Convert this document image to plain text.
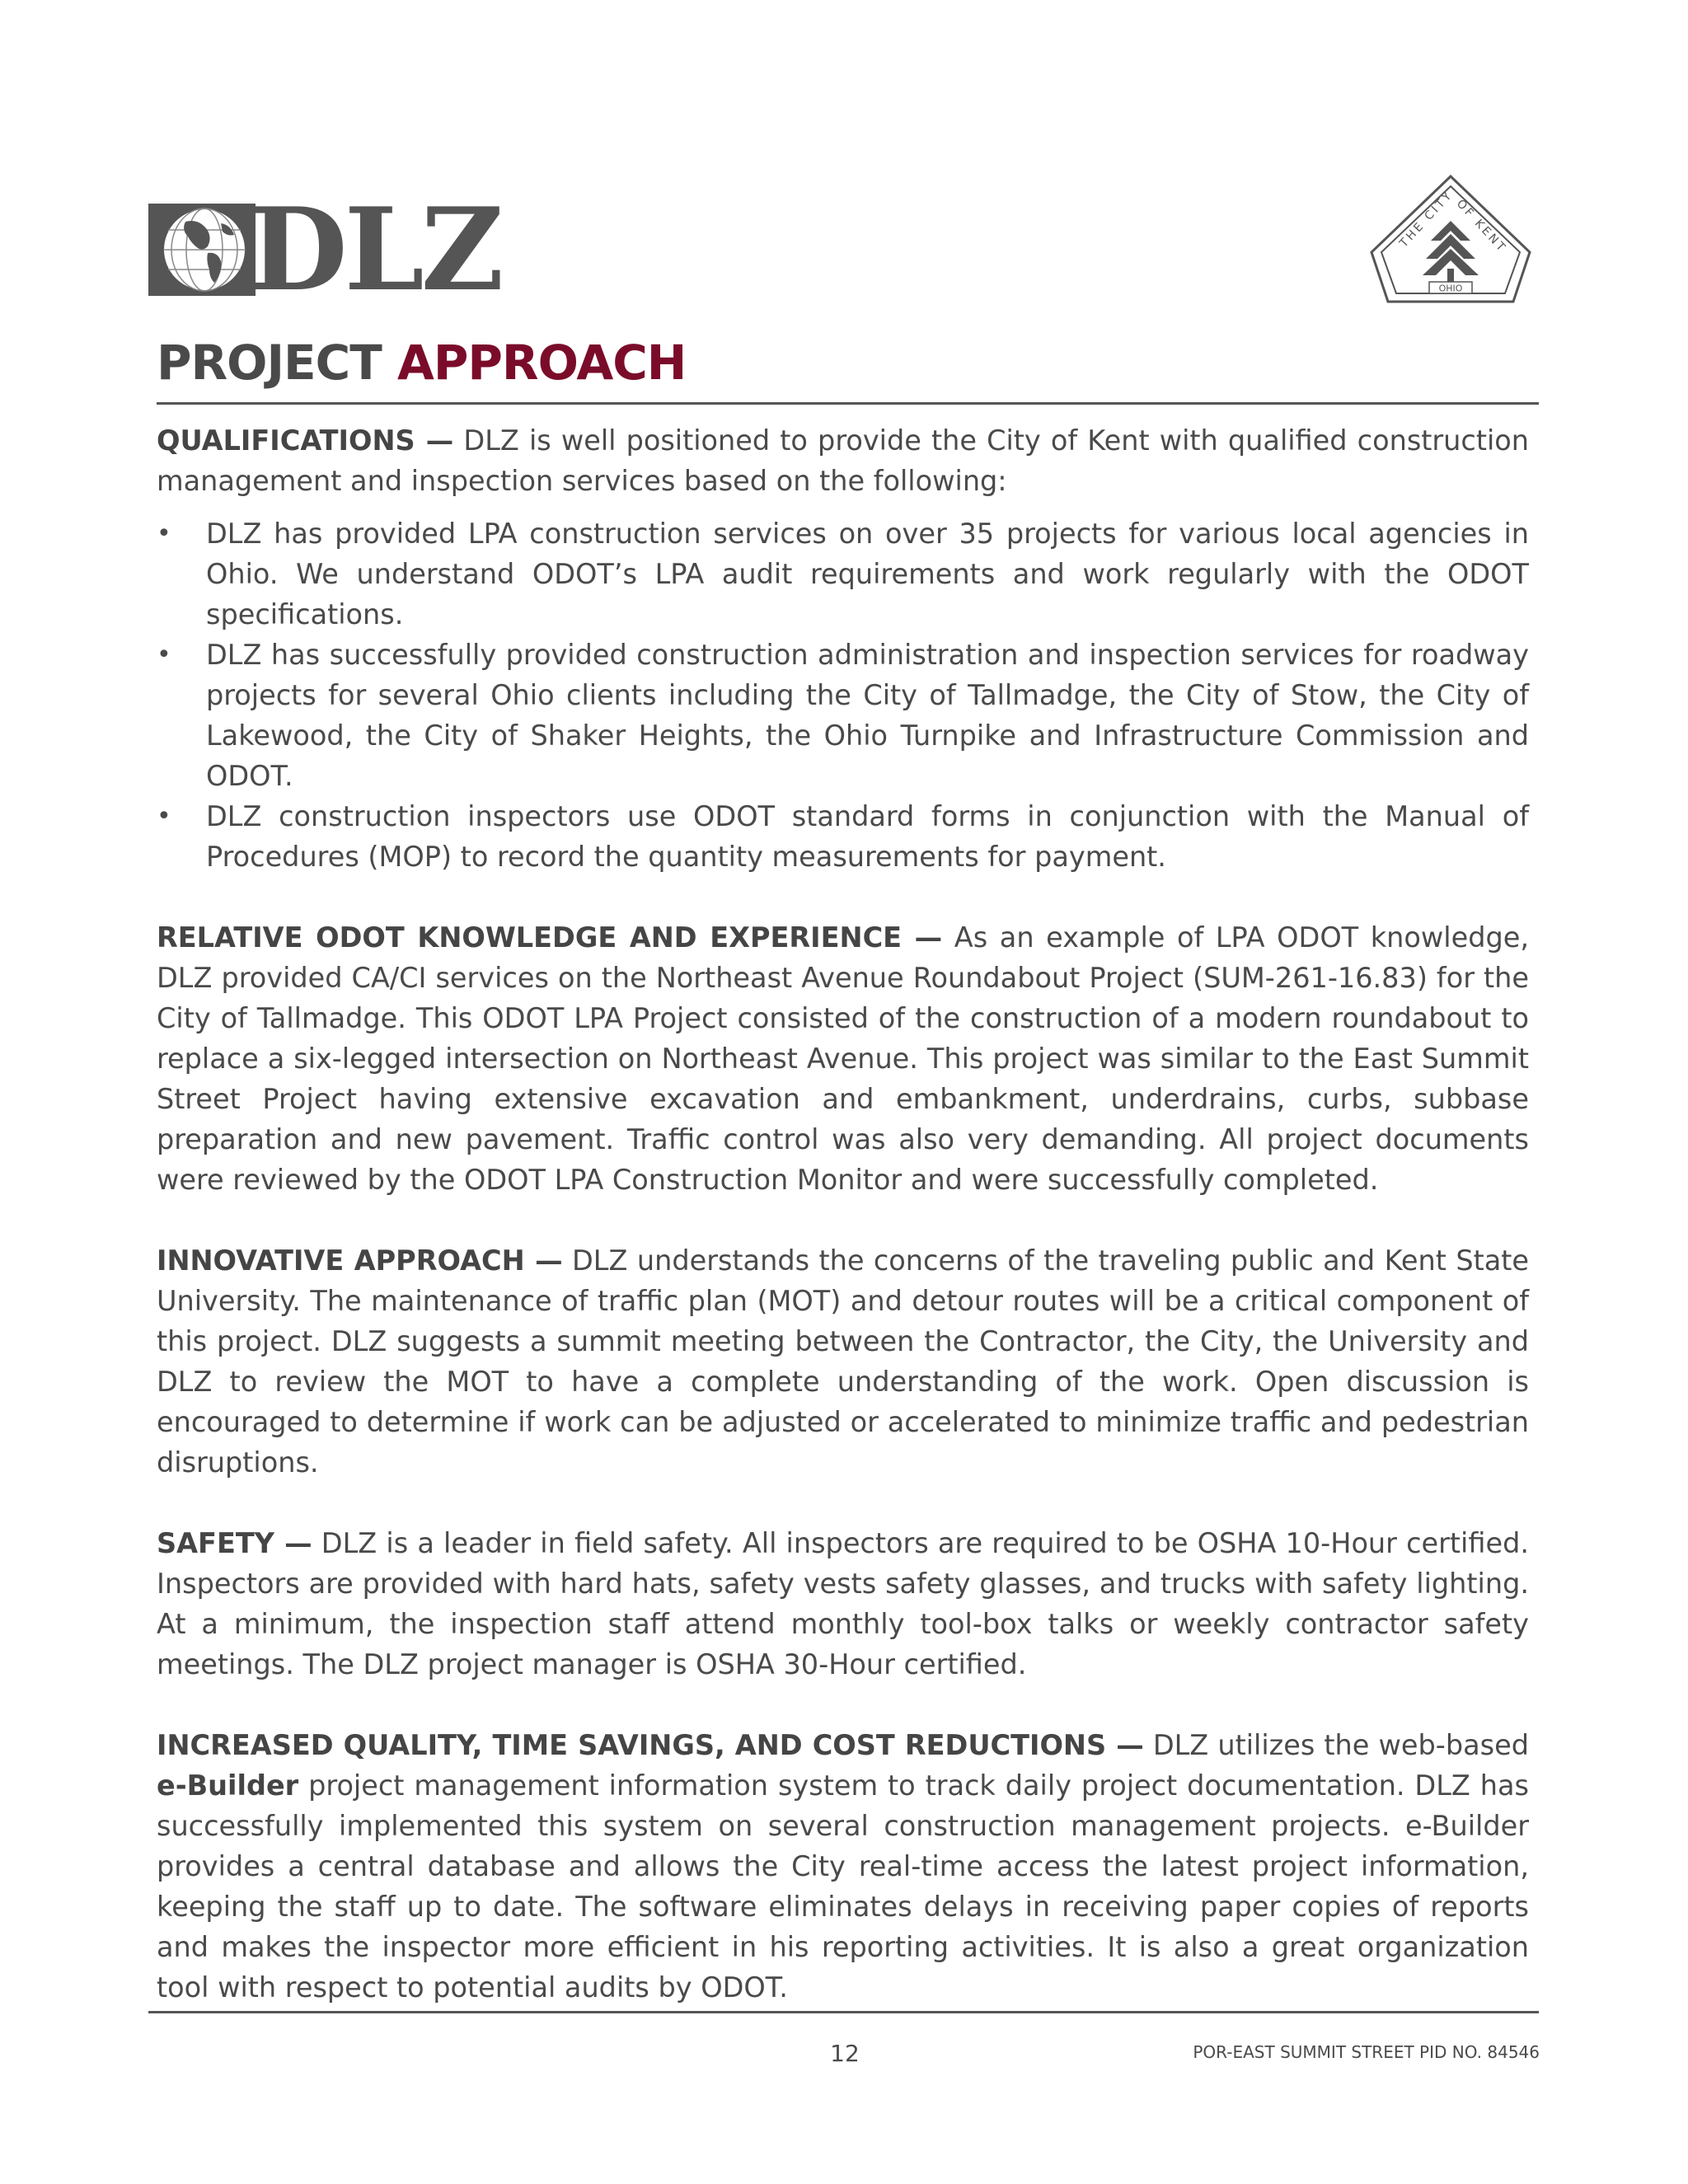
DLZ	THE CITY
OF KENT
OHIO
PROJECT APPROACH

QUALIFICATIONS — DLZ is well positioned to provide the City of Kent with qualified construction management and inspection services based on the following:

• DLZ has provided LPA construction services on over 35 projects for various local agencies in Ohio. We understand ODOT’s LPA audit requirements and work regularly with the ODOT specifications.
• DLZ has successfully provided construction administration and inspection services for roadway projects for several Ohio clients including the City of Tallmadge, the City of Stow, the City of Lakewood, the City of Shaker Heights, the Ohio Turnpike and Infrastructure Commission and ODOT.
• DLZ construction inspectors use ODOT standard forms in conjunction with the Manual of Procedures (MOP) to record the quantity measurements for payment.

RELATIVE ODOT KNOWLEDGE AND EXPERIENCE — As an example of LPA ODOT knowledge, DLZ provided CA/CI services on the Northeast Avenue Roundabout Project (SUM-261-16.83) for the City of Tallmadge. This ODOT LPA Project consisted of the construction of a modern roundabout to replace a six-legged intersection on Northeast Avenue. This project was similar to the East Summit Street Project having extensive excavation and embankment, underdrains, curbs, subbase preparation and new pavement. Traffic control was also very demanding. All project documents were reviewed by the ODOT LPA Construction Monitor and were successfully completed.

INNOVATIVE APPROACH — DLZ understands the concerns of the traveling public and Kent State University. The maintenance of traffic plan (MOT) and detour routes will be a critical component of this project. DLZ suggests a summit meeting between the Contractor, the City, the University and DLZ to review the MOT to have a complete understanding of the work. Open discussion is encouraged to determine if work can be adjusted or accelerated to minimize traffic and pedestrian disruptions.

SAFETY — DLZ is a leader in field safety. All inspectors are required to be OSHA 10-Hour certified. Inspectors are provided with hard hats, safety vests safety glasses, and trucks with safety lighting. At a minimum, the inspection staff attend monthly tool-box talks or weekly contractor safety meetings. The DLZ project manager is OSHA 30-Hour certified.

INCREASED QUALITY, TIME SAVINGS, AND COST REDUCTIONS — DLZ utilizes the web-based e-Builder project management information system to track daily project documentation. DLZ has successfully implemented this system on several construction management projects. e-Builder provides a central database and allows the City real-time access the latest project information, keeping the staff up to date. The software eliminates delays in receiving paper copies of reports and makes the inspector more efficient in his reporting activities. It is also a great organization tool with respect to potential audits by ODOT.

12	POR-EAST SUMMIT STREET PID NO. 84546
